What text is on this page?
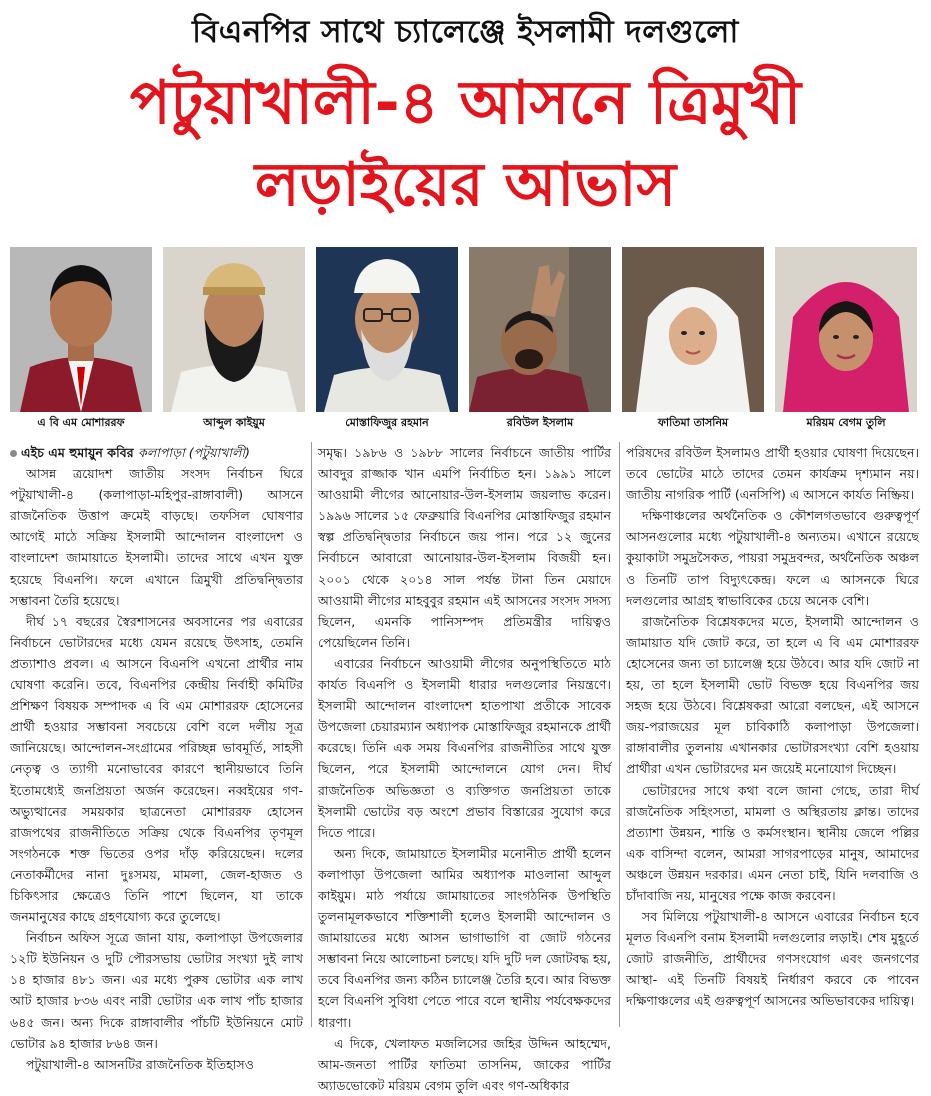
বিএনপির সাথে চ্যালেঞ্জে ইসলামী দলগুলো
পটুয়াখালী-৪ আসনে ত্রিমুখী
লড়াইয়ের আভাস
এ বি এম মোশাররফ	আব্দুল কাইয়ুম	মোস্তাফিজুর রহমান	রবিউল ইসলাম	ফাতিমা তাসনিম	মরিয়ম বেগম তুলি

এইচ এম হুমায়ুন কবির কলাপাড়া (পটুয়াখালী)

আসন্ন ত্রয়োদশ জাতীয় সংসদ নির্বাচন ঘিরে পটুয়াখালী-৪ (কলাপাড়া-মহিপুর-রাঙ্গাবালী) আসনে রাজনৈতিক উত্তাপ ক্রমেই বাড়ছে। তফসিল ঘোষণার আগেই মাঠে সক্রিয় ইসলামী আন্দোলন বাংলাদেশ ও বাংলাদেশ জামায়াতে ইসলামী। তাদের সাথে এখন যুক্ত হয়েছে বিএনপি। ফলে এখানে ত্রিমুখী প্রতিদ্বন্দ্বিতার সম্ভাবনা তৈরি হয়েছে।

দীর্ঘ ১৭ বছরের স্বৈরশাসনের অবসানের পর এবারের নির্বাচনে ভোটারদের মধ্যে যেমন রয়েছে উৎসাহ, তেমনি প্রত্যাশাও প্রবল। এ আসনে বিএনপি এখনো প্রার্থীর নাম ঘোষণা করেনি। তবে, বিএনপির কেন্দ্রীয় নির্বাহী কমিটির প্রশিক্ষণ বিষয়ক সম্পাদক এ বি এম মোশাররফ হোসেনের প্রার্থী হওয়ার সম্ভাবনা সবচেয়ে বেশি বলে দলীয় সূত্র জানিয়েছে। আন্দোলন-সংগ্রামের পরিচ্ছন্ন ভাবমূর্তি, সাহসী নেতৃত্ব ও ত্যাগী মনোভাবের কারণে স্থানীয়ভাবে তিনি ইতোমধ্যেই জনপ্রিয়তা অর্জন করেছেন। নব্বইয়ের গণ-অভ্যুত্থানের সময়কার ছাত্রনেতা মোশাররফ হোসেন রাজপথের রাজনীতিতে সক্রিয় থেকে বিএনপির তৃণমূল সংগঠনকে শক্ত ভিতের ওপর দাঁড় করিয়েছেন। দলের নেতাকর্মীদের নানা দুঃসময়, মামলা, জেল-হাজত ও চিকিৎসার ক্ষেত্রেও তিনি পাশে ছিলেন, যা তাকে জনমানুষের কাছে গ্রহণযোগ্য করে তুলেছে।

নির্বাচন অফিস সূত্রে জানা যায়, কলাপাড়া উপজেলার ১২টি ইউনিয়ন ও দুটি পৌরসভায় ভোটার সংখ্যা দুই লাখ ১৪ হাজার ৪৮১ জন। এর মধ্যে পুরুষ ভোটার এক লাখ আট হাজার ৮৩৬ এবং নারী ভোটার এক লাখ পাঁচ হাজার ৬৪৫ জন। অন্য দিকে রাঙ্গাবালীর পাঁচটি ইউনিয়নে মোট ভোটার ৯৪ হাজার ৮৬৪ জন।

পটুয়াখালী-৪ আসনটির রাজনৈতিক ইতিহাসও

সমৃদ্ধ। ১৯৮৬ ও ১৯৮৮ সালের নির্বাচনে জাতীয় পার্টির আবদুর রাজ্জাক খান এমপি নির্বাচিত হন। ১৯৯১ সালে আওয়ামী লীগের আনোয়ার-উল-ইসলাম জয়লাভ করেন। ১৯৯৬ সালের ১৫ ফেব্রুয়ারি বিএনপির মোস্তাফিজুর রহমান স্বল্প প্রতিদ্বন্দ্বিতার নির্বাচনে জয় পান। পরে ১২ জুনের নির্বাচনে আবারো আনোয়ার-উল-ইসলাম বিজয়ী হন। ২০০১ থেকে ২০১৪ সাল পর্যন্ত টানা তিন মেয়াদে আওয়ামী লীগের মাহবুবুর রহমান এই আসনের সংসদ সদস্য ছিলেন, এমনকি পানিসম্পদ প্রতিমন্ত্রীর দায়িত্বও পেয়েছিলেন তিনি।

এবারের নির্বাচনে আওয়ামী লীগের অনুপস্থিতিতে মাঠ কার্যত বিএনপি ও ইসলামী ধারার দলগুলোর নিয়ন্ত্রণে। ইসলামী আন্দোলন বাংলাদেশ হাতপাখা প্রতীকে সাবেক উপজেলা চেয়ারম্যান অধ্যাপক মোস্তাফিজুর রহমানকে প্রার্থী করেছে। তিনি এক সময় বিএনপির রাজনীতির সাথে যুক্ত ছিলেন, পরে ইসলামী আন্দোলনে যোগ দেন। দীর্ঘ রাজনৈতিক অভিজ্ঞতা ও ব্যক্তিগত জনপ্রিয়তা তাকে ইসলামী ভোটের বড় অংশে প্রভাব বিস্তারের সুযোগ করে দিতে পারে।

অন্য দিকে, জামায়াতে ইসলামীর মনোনীত প্রার্থী হলেন কলাপাড়া উপজেলা আমির অধ্যাপক মাওলানা আব্দুল কাইয়ুম। মাঠ পর্যায়ে জামায়াতের সাংগঠনিক উপস্থিতি তুলনামূলকভাবে শক্তিশালী হলেও ইসলামী আন্দোলন ও জামায়াতের মধ্যে আসন ভাগাভাগি বা জোট গঠনের সম্ভাবনা নিয়ে আলোচনা চলছে। যদি দুটি দল জোটবদ্ধ হয়, তবে বিএনপির জন্য কঠিন চ্যালেঞ্জ তৈরি হবে। আর বিভক্ত হলে বিএনপি সুবিধা পেতে পারে বলে স্থানীয় পর্যবেক্ষকদের ধারণা।

এ দিকে, খেলাফত মজলিসের জহির উদ্দিন আহম্মেদ, আম-জনতা পার্টির ফাতিমা তাসনিম, জাকের পার্টির অ্যাডভোকেট মরিয়ম বেগম তুলি এবং গণ-অধিকার

পরিষদের রবিউল ইসলামও প্রার্থী হওয়ার ঘোষণা দিয়েছেন। তবে ভোটের মাঠে তাদের তেমন কার্যক্রম দৃশ্যমান নয়। জাতীয় নাগরিক পার্টি (এনসিপি) এ আসনে কার্যত নিষ্ক্রিয়।

দক্ষিণাঞ্চলের অর্থনৈতিক ও কৌশলগতভাবে গুরুত্বপূর্ণ আসনগুলোর মধ্যে পটুয়াখালী-৪ অন্যতম। এখানে রয়েছে কুয়াকাটা সমুদ্রসৈকত, পায়রা সমুদ্রবন্দর, অর্থনৈতিক অঞ্চল ও তিনটি তাপ বিদ্যুৎকেন্দ্র। ফলে এ আসনকে ঘিরে দলগুলোর আগ্রহ স্বাভাবিকের চেয়ে অনেক বেশি।

রাজনৈতিক বিশ্লেষকদের মতে, ইসলামী আন্দোলন ও জামায়াত যদি জোট করে, তা হলে এ বি এম মোশাররফ হোসেনের জন্য তা চ্যালেঞ্জ হয়ে উঠবে। আর যদি জোট না হয়, তা হলে ইসলামী ভোট বিভক্ত হয়ে বিএনপির জয় সহজ হয়ে উঠবে। বিশ্লেষকরা আরো বলছেন, এই আসনে জয়-পরাজয়ের মূল চাবিকাঠি কলাপাড়া উপজেলা। রাঙ্গাবালীর তুলনায় এখানকার ভোটারসংখ্যা বেশি হওয়ায় প্রার্থীরা এখন ভোটারদের মন জয়েই মনোযোগ দিচ্ছেন।

ভোটারদের সাথে কথা বলে জানা গেছে, তারা দীর্ঘ রাজনৈতিক সহিংসতা, মামলা ও অস্থিরতায় ক্লান্ত। তাদের প্রত্যাশা উন্নয়ন, শান্তি ও কর্মসংস্থান। স্থানীয় জেলে পল্লির এক বাসিন্দা বলেন, আমরা সাগরপাড়ের মানুষ, আমাদের অঞ্চলে উন্নয়ন দরকার। এমন নেতা চাই, যিনি দলবাজি ও চাঁদাবাজি নয়, মানুষের পক্ষে কাজ করবেন।

সব মিলিয়ে পটুয়াখালী-৪ আসনে এবারের নির্বাচন হবে মূলত বিএনপি বনাম ইসলামী দলগুলোর লড়াই। শেষ মুহূর্তে জোট রাজনীতি, প্রার্থীদের গণসংযোগ এবং জনগণের আস্থা- এই তিনটি বিষয়ই নির্ধারণ করবে কে পাবেন দক্ষিণাঞ্চলের এই গুরুত্বপূর্ণ আসনের অভিভাবকের দায়িত্ব।
